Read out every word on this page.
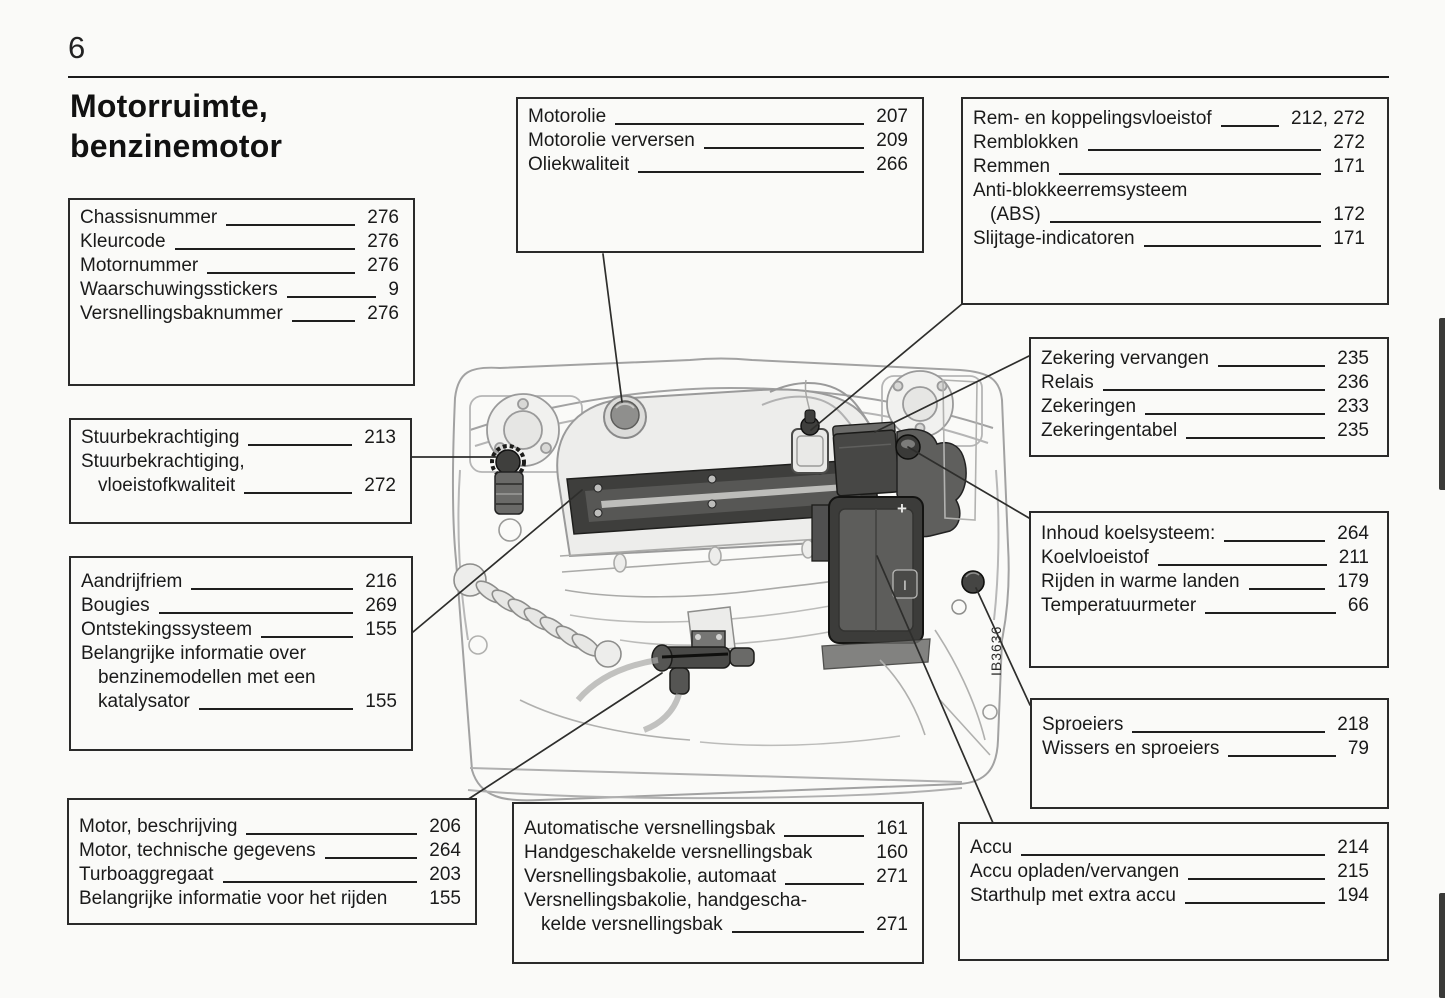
+
I
IB3636
6
Motorruimte,
benzinemotor
Chassisnummer	276
Kleurcode	276
Motornummer	276
Waarschuwingsstickers	9
Versnellingsbaknummer	276
Motorolie	207
Motorolie verversen	209
Oliekwaliteit	266
Rem- en koppelingsvloeistof	212, 272
Remblokken	272
Remmen	171
Anti-blokkeerremsysteem
(ABS)	172
Slijtage-indicatoren	171
Zekering vervangen	235
Relais	236
Zekeringen	233
Zekeringentabel	235
Inhoud koelsysteem:	264
Koelvloeistof	211
Rijden in warme landen	179
Temperatuurmeter	66
Sproeiers	218
Wissers en sproeiers	79
Stuurbekrachtiging	213
Stuurbekrachtiging,
vloeistofkwaliteit	272
Aandrijfriem	216
Bougies	269
Ontstekingssysteem	155
Belangrijke informatie over
benzinemodellen met een
katalysator	155
Motor, beschrijving	206
Motor, technische gegevens	264
Turboaggregaat	203
Belangrijke informatie voor het rijden 155
Automatische versnellingsbak	161
Handgeschakelde versnellingsbak	160
Versnellingsbakolie, automaat	271
Versnellingsbakolie, handgescha-
kelde versnellingsbak	271
Accu	214
Accu opladen/vervangen	215
Starthulp met extra accu	194
